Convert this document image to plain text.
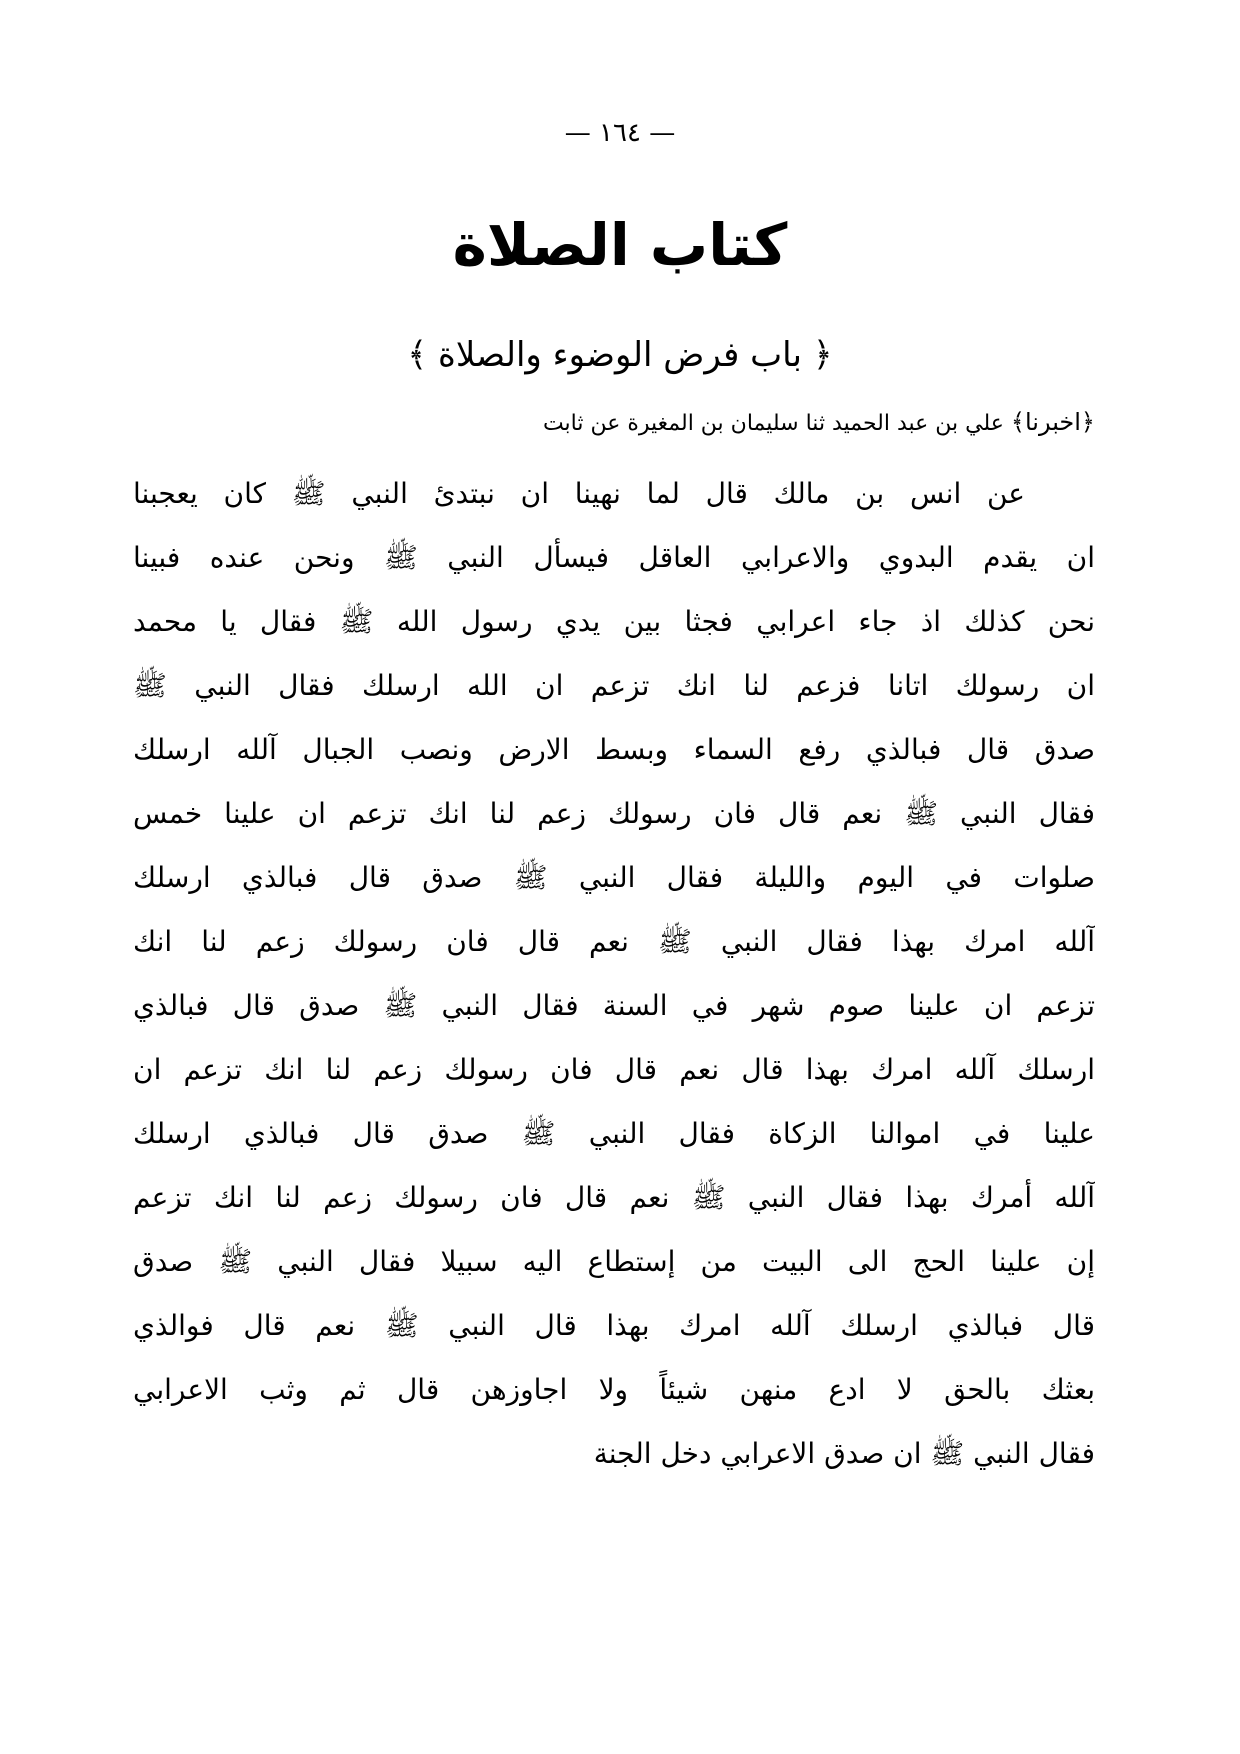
— ١٦٤ —
كتاب الصلاة
﴿ باب فرض الوضوء والصلاة ﴾
﴿اخبرنا﴾ علي بن عبد الحميد ثنا سليمان بن المغيرة عن ثابت
عن انس بن مالك قال لما نهينا ان نبتدئ النبي ﷺ كان يعجبنا
ان يقدم البدوي والاعرابي العاقل فيسأل النبي ﷺ ونحن عنده فبينا
نحن كذلك اذ جاء اعرابي فجثا بين يدي رسول الله ﷺ فقال يا محمد
ان رسولك اتانا فزعم لنا انك تزعم ان الله ارسلك فقال النبي ﷺ
صدق قال فبالذي رفع السماء وبسط الارض ونصب الجبال آلله ارسلك
فقال النبي ﷺ نعم قال فان رسولك زعم لنا انك تزعم ان علينا خمس
صلوات في اليوم والليلة فقال النبي ﷺ صدق قال فبالذي ارسلك
آلله امرك بهذا فقال النبي ﷺ نعم قال فان رسولك زعم لنا انك
تزعم ان علينا صوم شهر في السنة فقال النبي ﷺ صدق قال فبالذي
ارسلك آلله امرك بهذا قال نعم قال فان رسولك زعم لنا انك تزعم ان
علينا في اموالنا الزكاة فقال النبي ﷺ صدق قال فبالذي ارسلك
آلله أمرك بهذا فقال النبي ﷺ نعم قال فان رسولك زعم لنا انك تزعم
إن علينا الحج الى البيت من إستطاع اليه سبيلا فقال النبي ﷺ صدق
قال فبالذي ارسلك آلله امرك بهذا قال النبي ﷺ نعم قال فوالذي
بعثك بالحق لا ادع منهن شيئاً ولا اجاوزهن قال ثم وثب الاعرابي
فقال النبي ﷺ ان صدق الاعرابي دخل الجنة
